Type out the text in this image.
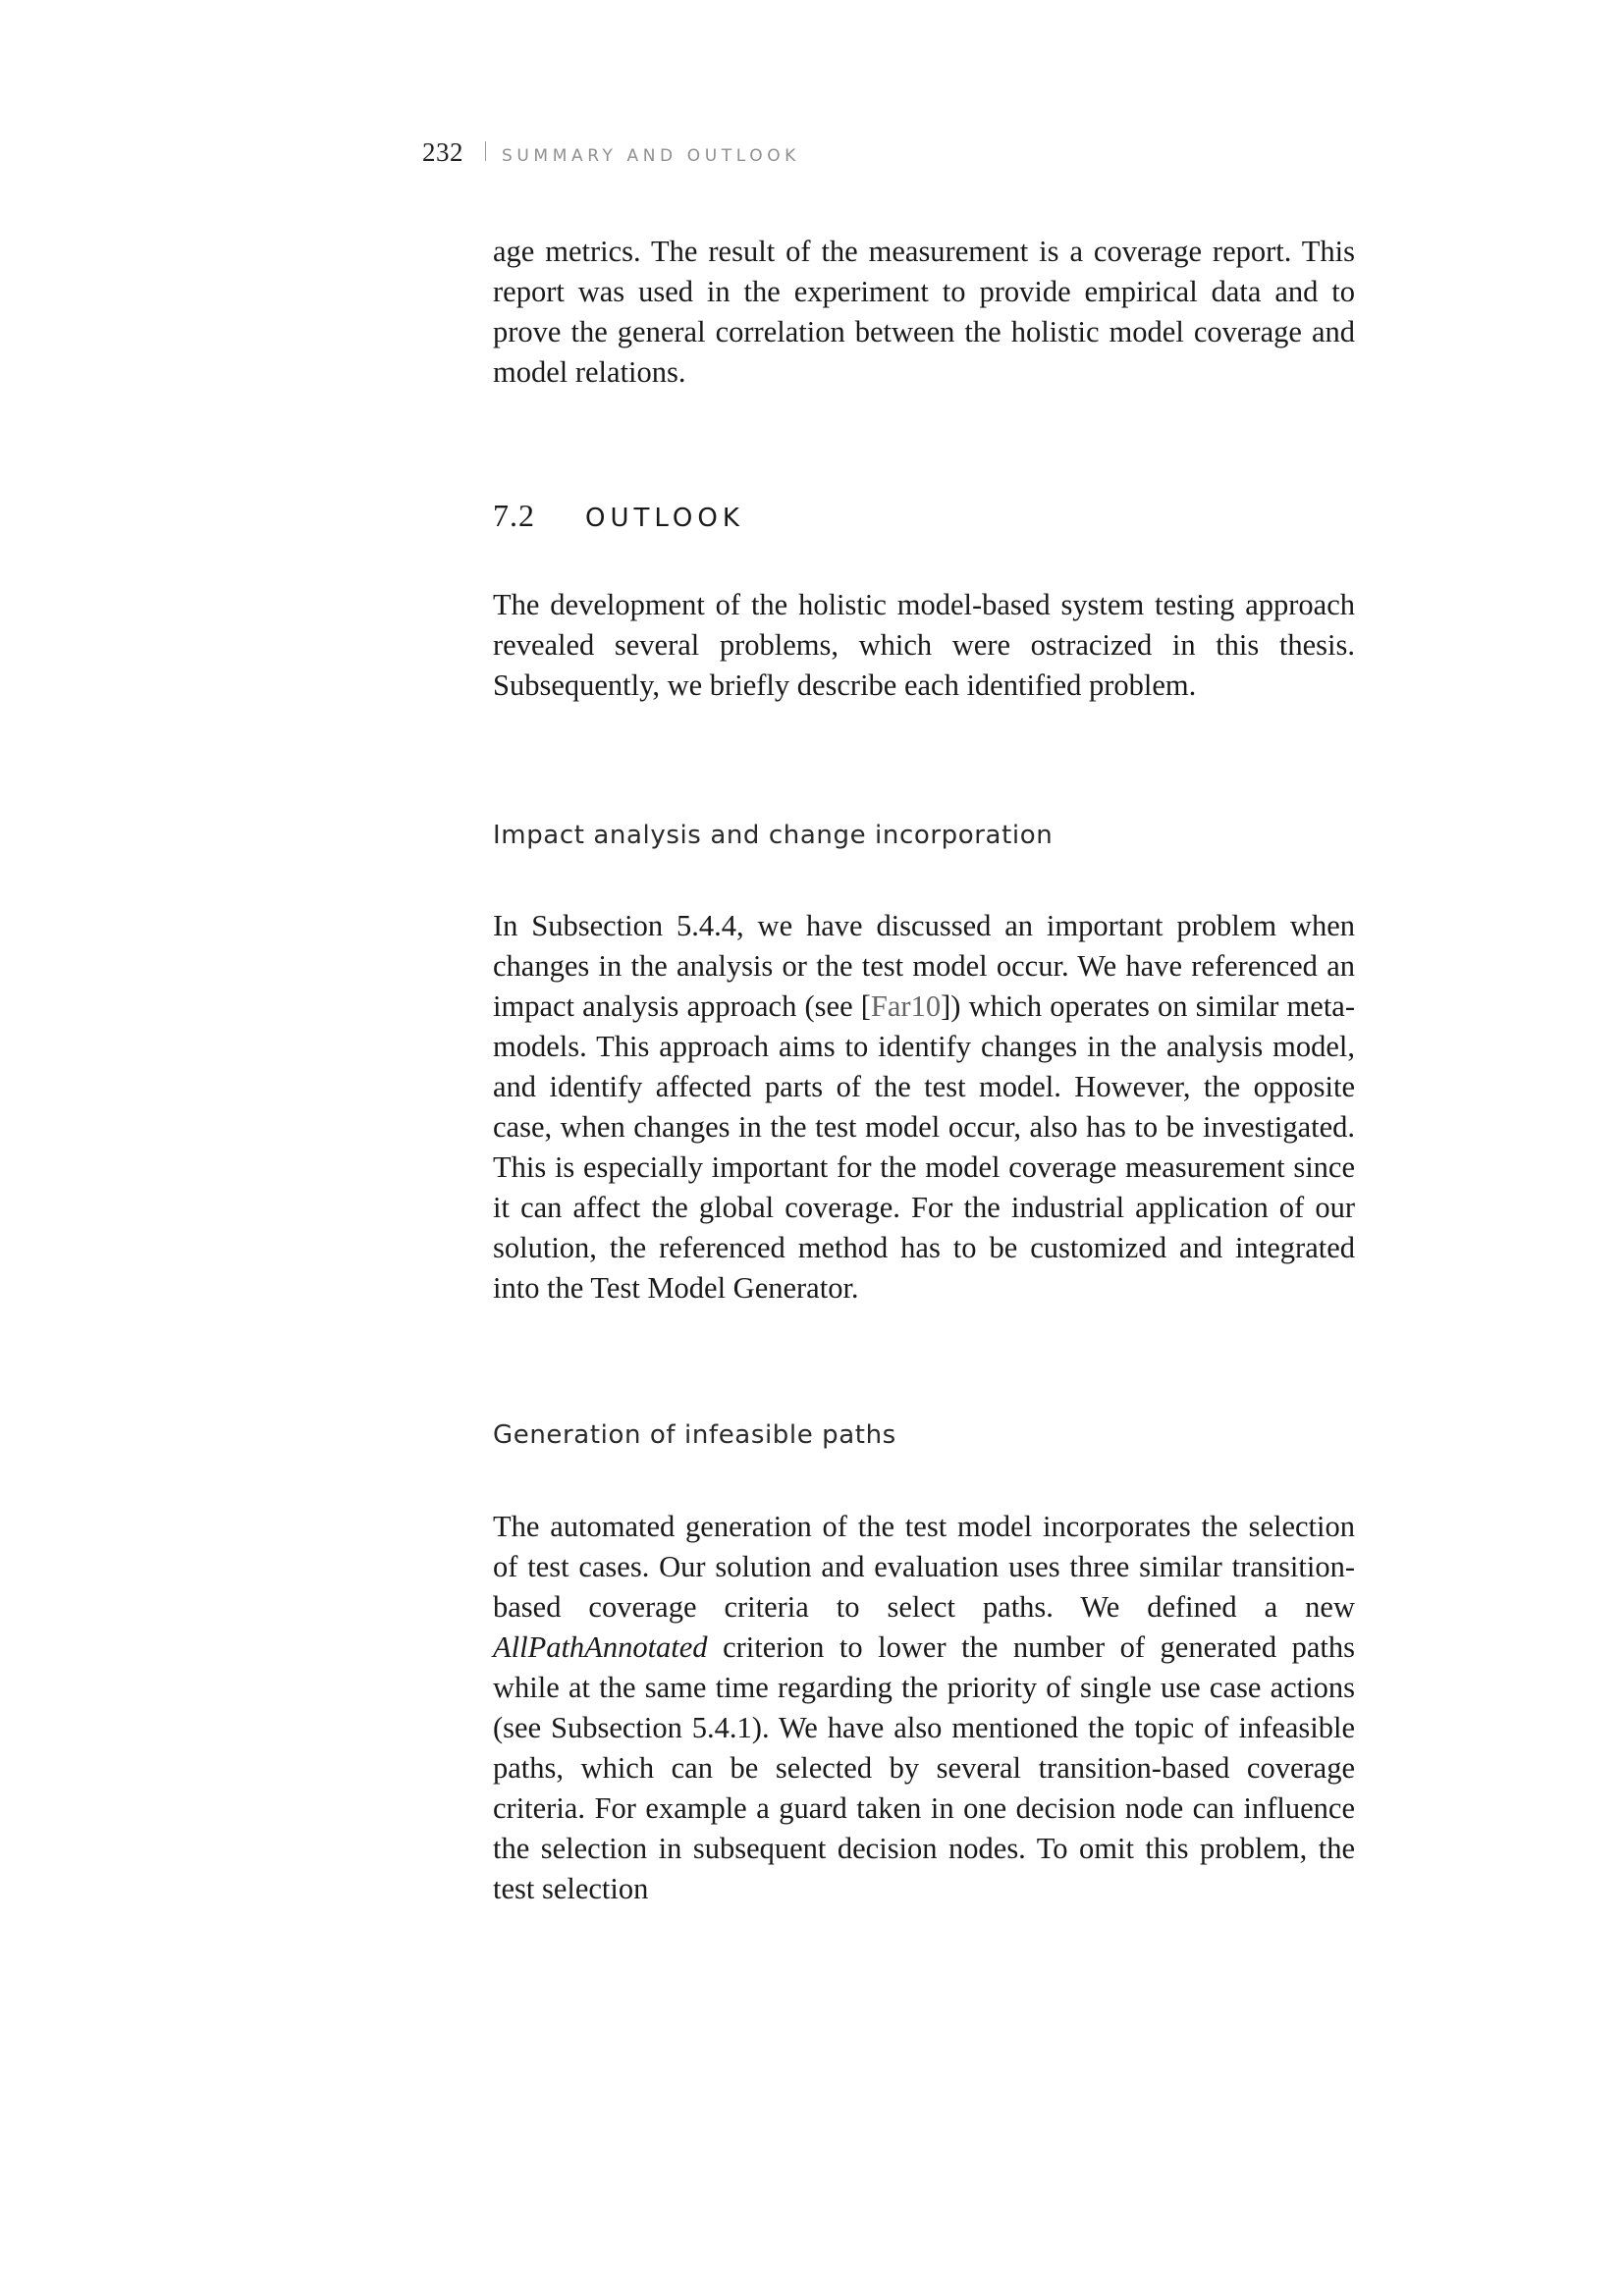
232 SUMMARY AND OUTLOOK

age metrics. The result of the measurement is a coverage report. This report was used in the experiment to provide empirical data and to prove the general correlation between the holistic model coverage and model relations.

7.2	OUTLOOK

The development of the holistic model-based system testing approach revealed several problems, which were ostracized in this thesis. Subsequently, we briefly describe each identified problem.

Impact analysis and change incorporation

In Subsection 5.4.4, we have discussed an important problem when changes in the analysis or the test model occur. We have referenced an impact analysis approach (see [Far10]) which operates on similar meta-models. This approach aims to identify changes in the analysis model, and identify affected parts of the test model. However, the opposite case, when changes in the test model occur, also has to be investigated. This is especially important for the model coverage measurement since it can affect the global coverage. For the industrial application of our solution, the referenced method has to be customized and integrated into the Test Model Generator.

Generation of infeasible paths

The automated generation of the test model incorporates the selection of test cases. Our solution and evaluation uses three similar transition-based coverage criteria to select paths. We defined a new AllPathAnnotated criterion to lower the number of generated paths while at the same time regarding the priority of single use case actions (see Subsection 5.4.1). We have also mentioned the topic of infeasible paths, which can be selected by several transition-based coverage criteria. For example a guard taken in one decision node can influence the selection in subsequent decision nodes. To omit this problem, the test selection
